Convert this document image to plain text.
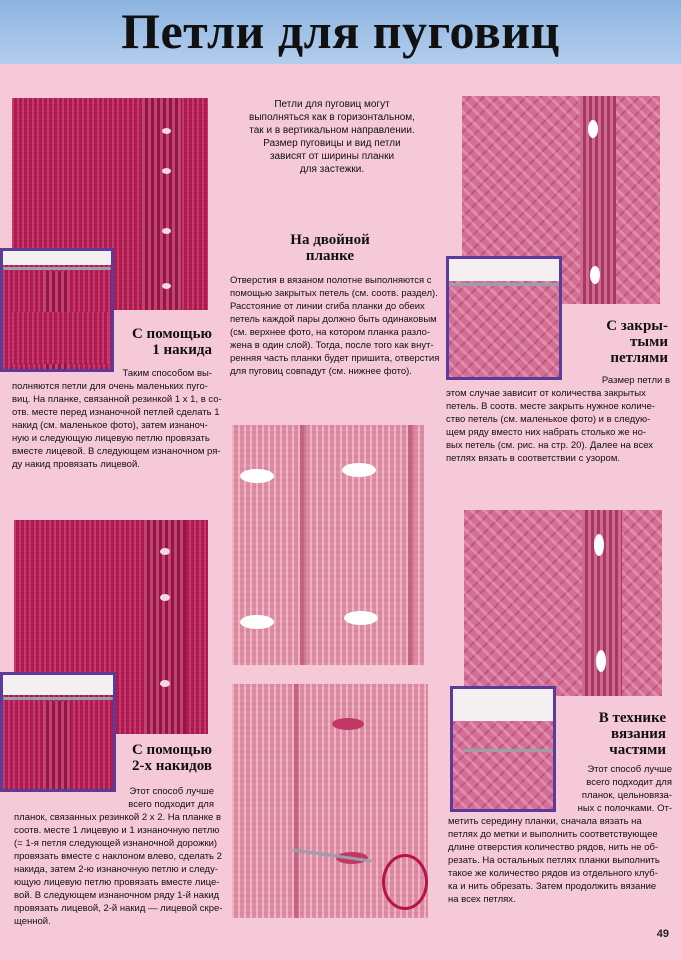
Петли для пуговиц
С помощью
1 накида
Таким способом вы-
полняются петли для очень маленьких пуго-
виц. На планке, связанной резинкой 1 х 1, в со-
отв. месте перед изнаночной петлей сделать 1
накид (см. маленькое фото), затем изнаноч-
ную и следующую лицевую петлю провязать
вместе лицевой. В следующем изнаночном ря-
ду накид провязать лицевой.
Петли для пуговиц могут
выполняться как в горизонтальном,
так и в вертикальном направлении.
Размер пуговицы и вид петли
зависят от ширины планки
для застежки.
На двойной
планке
Отверстия в вязаном полотне выполняются с
помощью закрытых петель (см. соотв. раздел).
Расстояние от линии сгиба планки до обеих
петель каждой пары должно быть одинаковым
(см. верхнее фото, на котором планка разло-
жена в один слой). Тогда, после того как внут-
ренняя часть планки будет пришита, отверстия
для пуговиц совпадут (см. нижнее фото).
С закры-
тыми
петлями
Размер петли в
этом случае зависит от количества закрытых
петель. В соотв. месте закрыть нужное количе-
ство петель (см. маленькое фото) и в следую-
щем ряду вместо них набрать столько же но-
вых петель (см. рис. на стр. 20). Далее на всех
петлях вязать в соответствии с узором.
С помощью
2-х накидов
Этот способ лучше
всего подходит для
планок, связанных резинкой 2 х 2. На планке в
соотв. месте 1 лицевую и 1 изнаночную петлю
(= 1-я петля следующей изнаночной дорожки)
провязать вместе с наклоном влево, сделать 2
накида, затем 2-ю изнаночную петлю и следу-
ющую лицевую петлю провязать вместе лице-
вой. В следующем изнаночном ряду 1-й накид
провязать лицевой, 2-й накид — лицевой скре-
щенной.
В технике
вязания
частями
Этот способ лучше
всего подходит для
планок, цельновяза-
ных с полочками. От-
метить середину планки, сначала вязать на
петлях до метки и выполнить соответствующее
длине отверстия количество рядов, нить не об-
резать. На остальных петлях планки выполнить
такое же количество рядов из отдельного клуб-
ка и нить обрезать. Затем продолжить вязание
на всех петлях.
49
